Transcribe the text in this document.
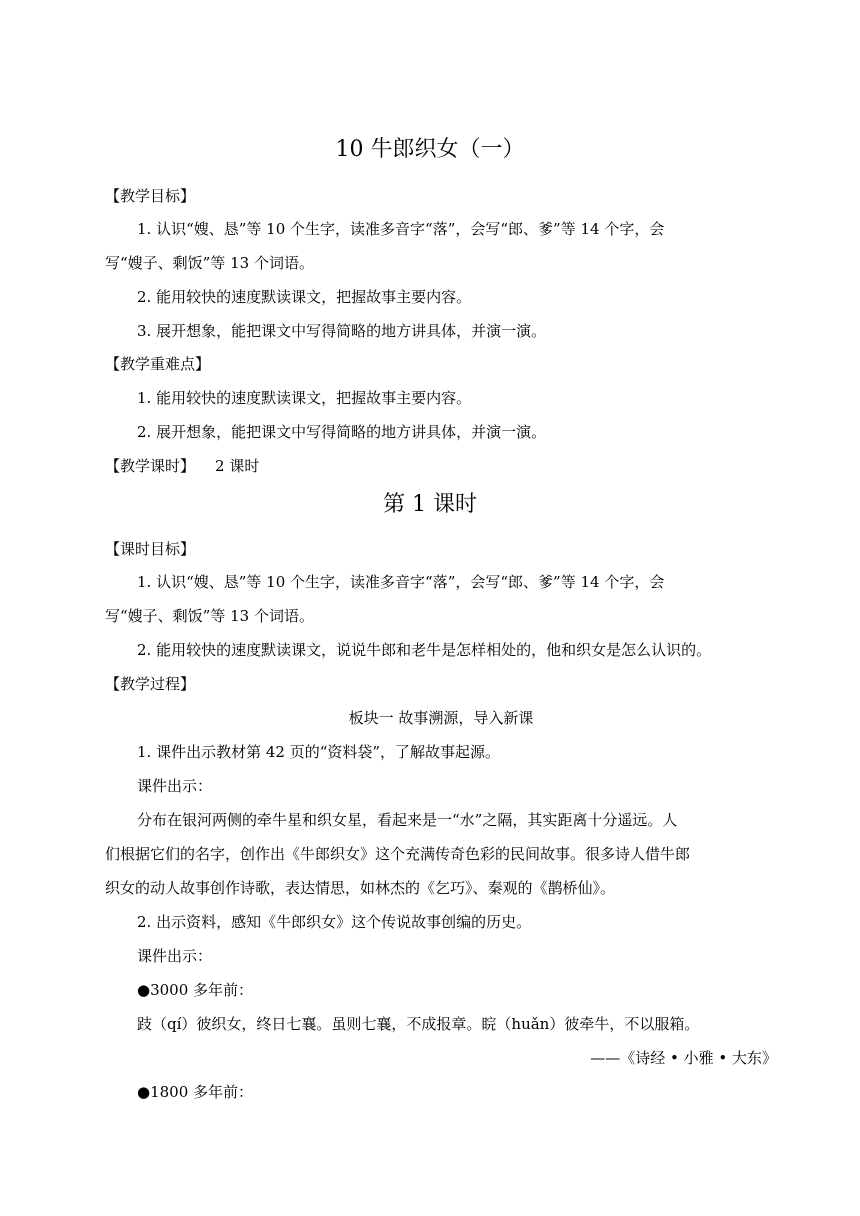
10 牛郎织女（一）
【教学目标】
1. 认识“嫂、恳”等 10 个生字，读准多音字“落”，会写“郎、爹”等 14 个字，会
写“嫂子、剩饭”等 13 个词语。
2. 能用较快的速度默读课文，把握故事主要内容。
3. 展开想象，能把课文中写得简略的地方讲具体，并演一演。
【教学重难点】
1. 能用较快的速度默读课文，把握故事主要内容。
2. 展开想象，能把课文中写得简略的地方讲具体，并演一演。
【教学课时】 2 课时
第 1 课时
【课时目标】
1. 认识“嫂、恳”等 10 个生字，读准多音字“落”，会写“郎、爹”等 14 个字，会
写“嫂子、剩饭”等 13 个词语。
2. 能用较快的速度默读课文，说说牛郎和老牛是怎样相处的，他和织女是怎么认识的。
【教学过程】
板块一 故事溯源，导入新课
1. 课件出示教材第 42 页的“资料袋”，了解故事起源。
课件出示：
分布在银河两侧的牵牛星和织女星，看起来是一“水”之隔，其实距离十分遥远。人
们根据它们的名字，创作出《牛郎织女》这个充满传奇色彩的民间故事。很多诗人借牛郎
织女的动人故事创作诗歌，表达情思，如林杰的《乞巧》、秦观的《鹊桥仙》。
2. 出示资料，感知《牛郎织女》这个传说故事创编的历史。
课件出示：
●3000 多年前：
跂（qí）彼织女，终日七襄。虽则七襄，不成报章。睆（huǎn）彼牵牛，不以服箱。
——《诗经 • 小雅 • 大东》
●1800 多年前：
